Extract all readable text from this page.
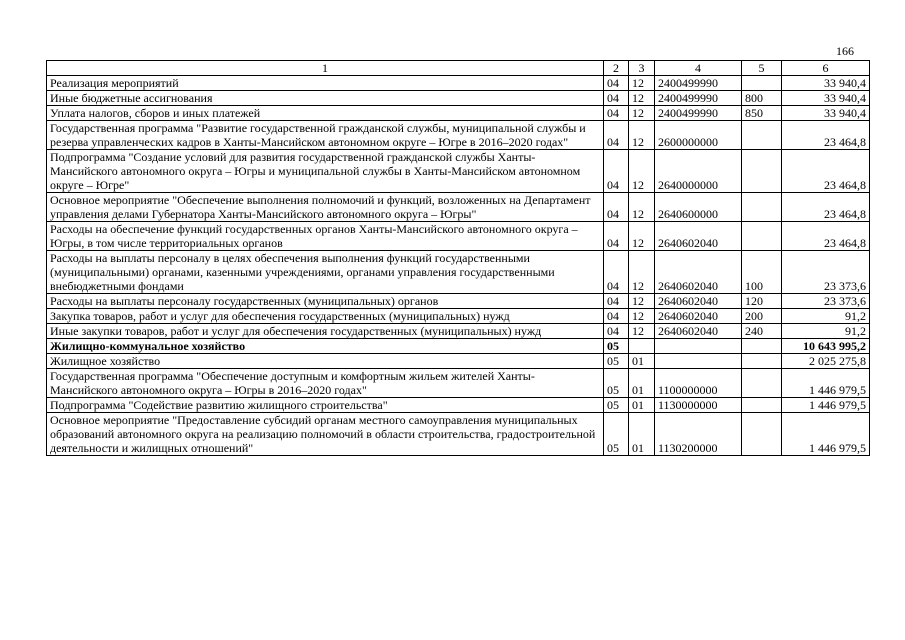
166
1	2	3	4	5	6
Реализация мероприятий	04	12	2400499990		33 940,4
Иные бюджетные ассигнования	04	12	2400499990	800	33 940,4
Уплата налогов, сборов и иных платежей	04	12	2400499990	850	33 940,4
Государственная программа "Развитие государственной гражданской службы, муниципальной службы и резерва управленческих кадров в Ханты-Мансийском автономном округе – Югре в 2016–2020 годах"	04	12	2600000000		23 464,8
Подпрограмма "Создание условий для развития государственной гражданской службы Ханты-Мансийского автономного округа – Югры и муниципальной службы в Ханты-Мансийском автономном округе – Югре"	04	12	2640000000		23 464,8
Основное мероприятие "Обеспечение выполнения полномочий и функций, возложенных на Департамент управления делами Губернатора Ханты-Мансийского автономного округа – Югры"	04	12	2640600000		23 464,8
Расходы на обеспечение функций государственных органов Ханты-Мансийского автономного округа – Югры, в том числе территориальных органов	04	12	2640602040		23 464,8
Расходы на выплаты персоналу в целях обеспечения выполнения функций государственными (муниципальными) органами, казенными учреждениями, органами управления государственными внебюджетными фондами	04	12	2640602040	100	23 373,6
Расходы на выплаты персоналу государственных (муниципальных) органов	04	12	2640602040	120	23 373,6
Закупка товаров, работ и услуг для обеспечения государственных (муниципальных) нужд	04	12	2640602040	200	91,2
Иные закупки товаров, работ и услуг для обеспечения государственных (муниципальных) нужд	04	12	2640602040	240	91,2
Жилищно-коммунальное хозяйство	05				10 643 995,2
Жилищное хозяйство	05	01			2 025 275,8
Государственная программа "Обеспечение доступным и комфортным жильем жителей Ханты-Мансийского автономного округа – Югры в 2016–2020 годах"	05	01	1100000000		1 446 979,5
Подпрограмма "Содействие развитию жилищного строительства"	05	01	1130000000		1 446 979,5
Основное мероприятие "Предоставление субсидий органам местного самоуправления муниципальных образований автономного округа на реализацию полномочий в области строительства, градостроительной деятельности и жилищных отношений"	05	01	1130200000		1 446 979,5
